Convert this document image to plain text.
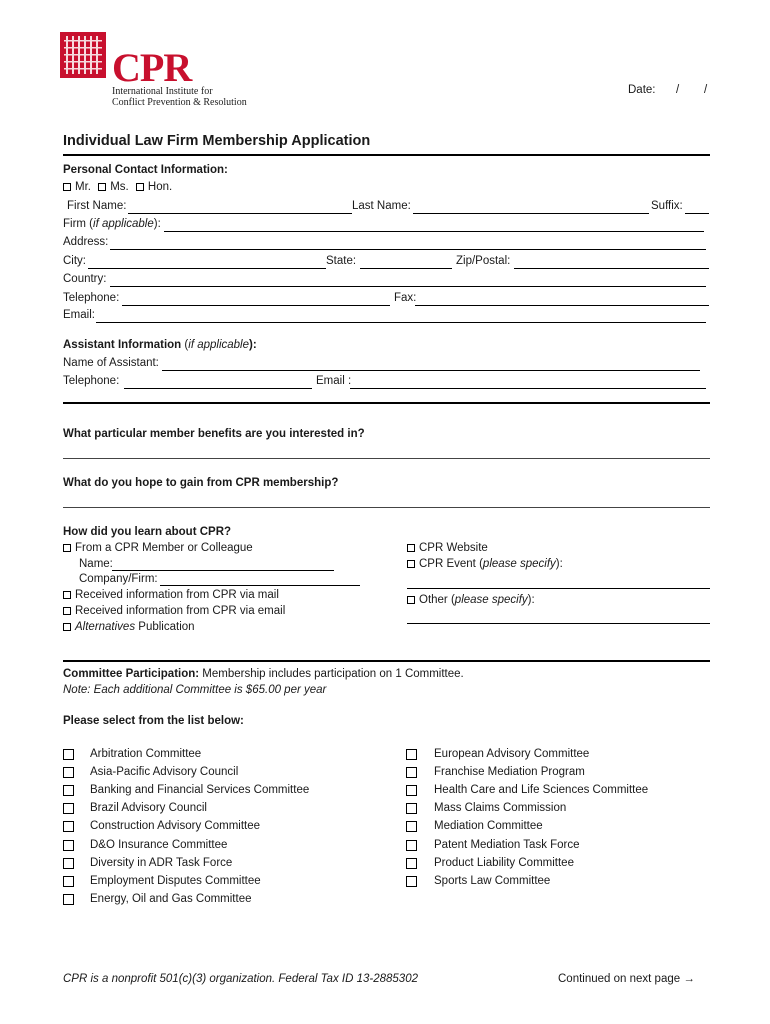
CPR
International Institute for
Conflict Prevention & Resolution
Date: / /
Individual Law Firm Membership Application
Personal Contact Information:
Mr. Ms. Hon.
First Name:	Last Name:	Suffix:
Firm (if applicable):
Address:
City:	State:	Zip/Postal:
Country:
Telephone:	Fax:
Email:
Assistant Information (if applicable):
Name of Assistant:
Telephone:	Email :
What particular member benefits are you interested in?
What do you hope to gain from CPR membership?
How did you learn about CPR?
From a CPR Member or Colleague
Name:
Company/Firm:
Received information from CPR via mail
Received information from CPR via email
Alternatives Publication
CPR Website
CPR Event (please specify):
Other (please specify):
Committee Participation: Membership includes participation on 1 Committee.
Note: Each additional Committee is $65.00 per year
Please select from the list below:
Arbitration Committee
Asia-Pacific Advisory Council
Banking and Financial Services Committee
Brazil Advisory Council
Construction Advisory Committee
D&O Insurance Committee
Diversity in ADR Task Force
Employment Disputes Committee
Energy, Oil and Gas Committee
European Advisory Committee
Franchise Mediation Program
Health Care and Life Sciences Committee
Mass Claims Commission
Mediation Committee
Patent Mediation Task Force
Product Liability Committee
Sports Law Committee
CPR is a nonprofit 501(c)(3) organization. Federal Tax ID 13-2885302	Continued on next page →
